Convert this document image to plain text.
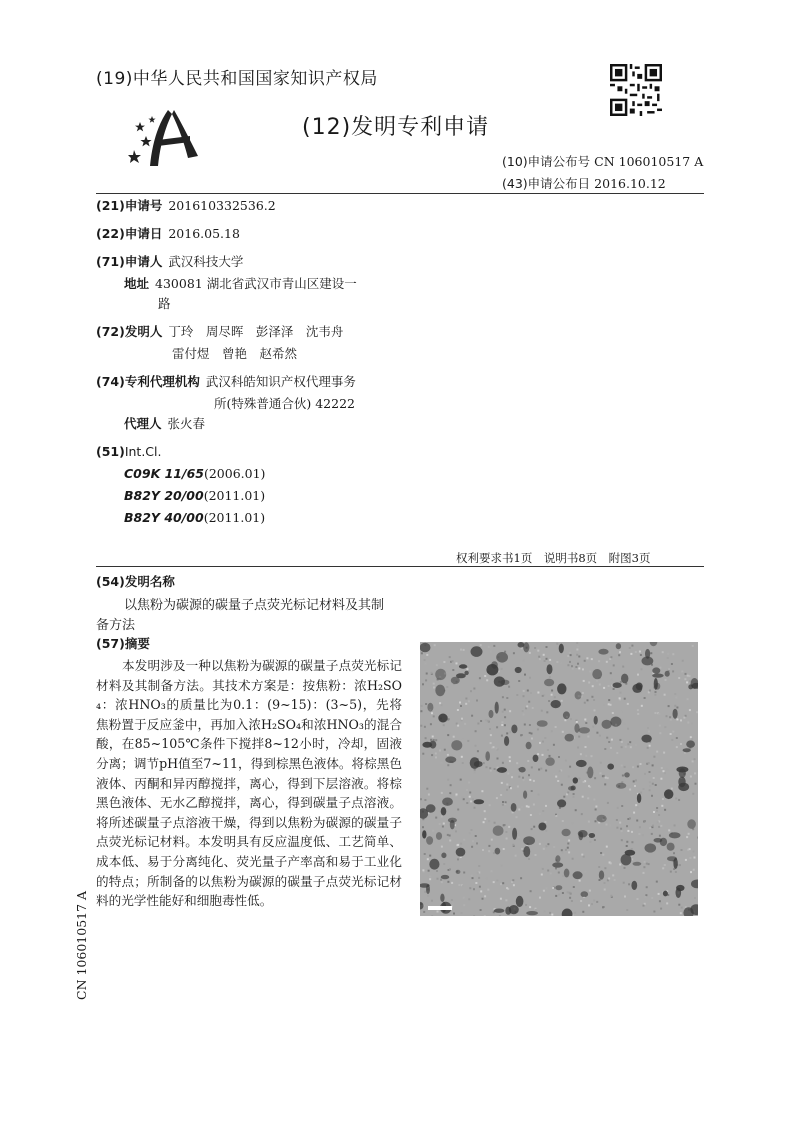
(19)中华人民共和国国家知识产权局
(12)发明专利申请
(10)申请公布号 CN 106010517 A
(43)申请公布日 2016.10.12
(21)申请号 201610332536.2
(22)申请日 2016.05.18
(71)申请人 武汉科技大学
地址 430081 湖北省武汉市青山区建设一
路
(72)发明人 丁玲　周尽晖　彭泽泽　沈韦舟
雷付煜　曾艳　赵希然
(74)专利代理机构 武汉科皓知识产权代理事务
所(特殊普通合伙) 42222
代理人 张火春
(51)Int.Cl.
C09K 11/65(2006.01)
B82Y 20/00(2011.01)
B82Y 40/00(2011.01)
权利要求书1页　说明书8页　附图3页
(54)发明名称
以焦粉为碳源的碳量子点荧光标记材料及其制备方法
(57)摘要
本发明涉及一种以焦粉为碳源的碳量子点荧光标记材料及其制备方法。其技术方案是：按焦粉：浓H₂SO₄：浓HNO₃的质量比为0.1：(9~15)：(3~5)，先将焦粉置于反应釜中，再加入浓H₂SO₄和浓HNO₃的混合酸，在85~105℃条件下搅拌8~12小时，冷却，固液分离；调节pH值至7~11，得到棕黑色液体。将棕黑色液体、丙酮和异丙醇搅拌，离心，得到下层溶液。将棕黑色液体、无水乙醇搅拌，离心，得到碳量子点溶液。将所述碳量子点溶液干燥，得到以焦粉为碳源的碳量子点荧光标记材料。本发明具有反应温度低、工艺简单、成本低、易于分离纯化、荧光量子产率高和易于工业化的特点；所制备的以焦粉为碳源的碳量子点荧光标记材料的光学性能好和细胞毒性低。
CN 106010517 A
